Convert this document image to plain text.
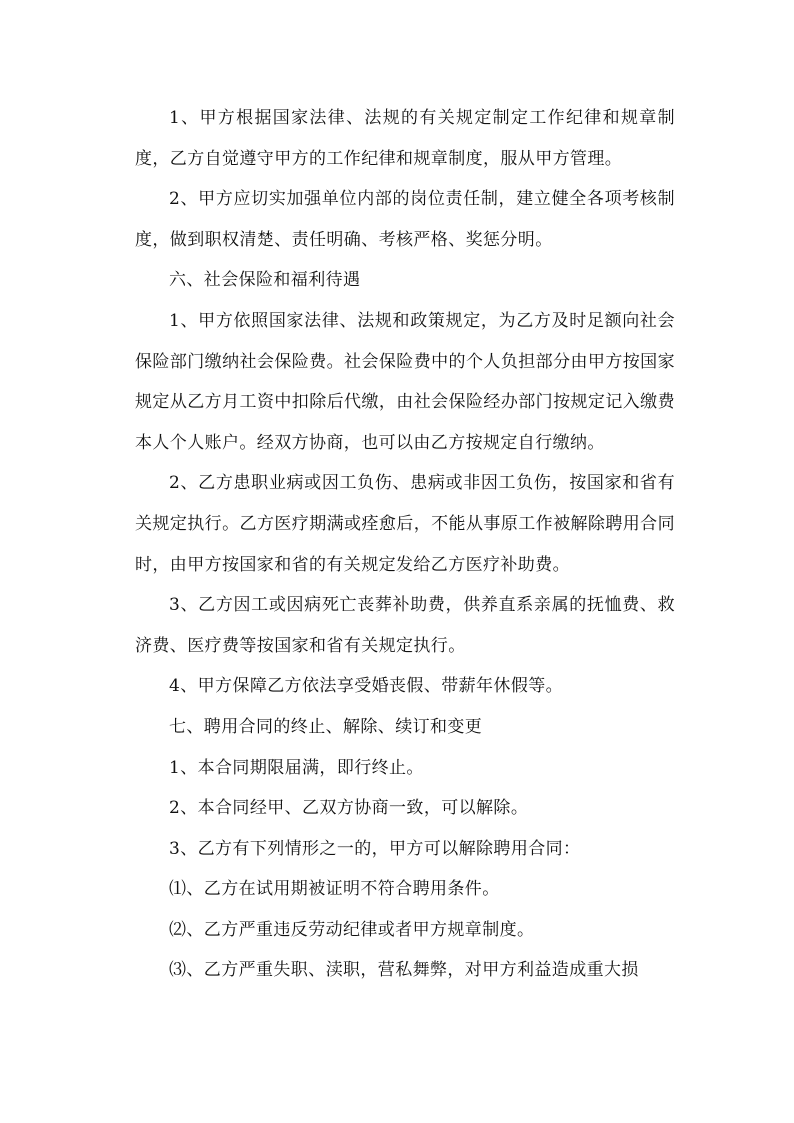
1、甲方根据国家法律、法规的有关规定制定工作纪律和规章制度，乙方自觉遵守甲方的工作纪律和规章制度，服从甲方管理。

2、甲方应切实加强单位内部的岗位责任制，建立健全各项考核制度，做到职权清楚、责任明确、考核严格、奖惩分明。

六、社会保险和福利待遇

1、甲方依照国家法律、法规和政策规定，为乙方及时足额向社会保险部门缴纳社会保险费。社会保险费中的个人负担部分由甲方按国家规定从乙方月工资中扣除后代缴，由社会保险经办部门按规定记入缴费本人个人账户。经双方协商，也可以由乙方按规定自行缴纳。

2、乙方患职业病或因工负伤、患病或非因工负伤，按国家和省有关规定执行。乙方医疗期满或痊愈后，不能从事原工作被解除聘用合同时，由甲方按国家和省的有关规定发给乙方医疗补助费。

3、乙方因工或因病死亡丧葬补助费，供养直系亲属的抚恤费、救济费、医疗费等按国家和省有关规定执行。

4、甲方保障乙方依法享受婚丧假、带薪年休假等。

七、聘用合同的终止、解除、续订和变更

1、本合同期限届满，即行终止。

2、本合同经甲、乙双方协商一致，可以解除。

3、乙方有下列情形之一的，甲方可以解除聘用合同：

⑴、乙方在试用期被证明不符合聘用条件。

⑵、乙方严重违反劳动纪律或者甲方规章制度。

⑶、乙方严重失职、渎职，营私舞弊，对甲方利益造成重大损
